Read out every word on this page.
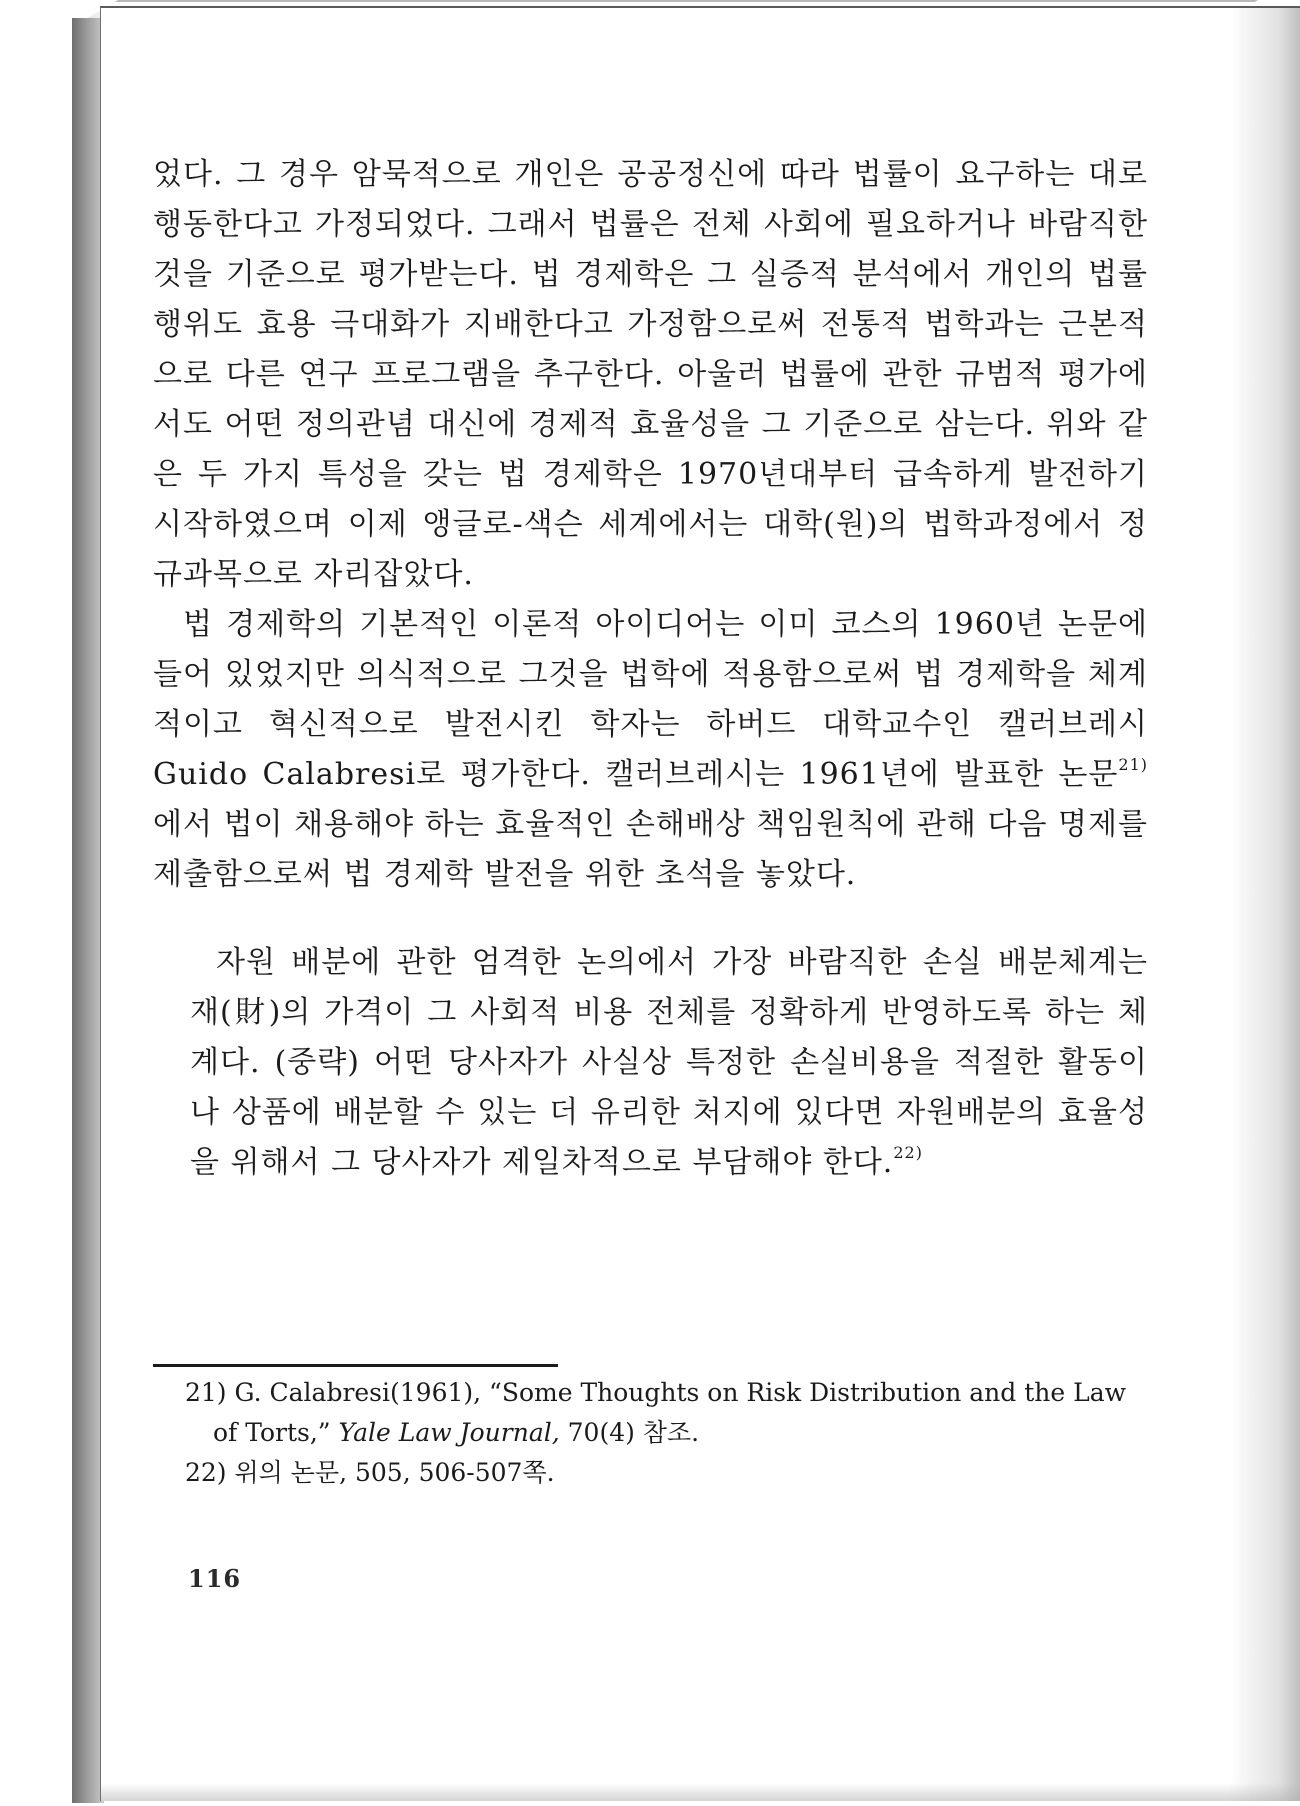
었다. 그 경우 암묵적으로 개인은 공공정신에 따라 법률이 요구하는 대로 행동한다고 가정되었다. 그래서 법률은 전체 사회에 필요하거나 바람직한 것을 기준으로 평가받는다. 법 경제학은 그 실증적 분석에서 개인의 법률행위도 효용 극대화가 지배한다고 가정함으로써 전통적 법학과는 근본적으로 다른 연구 프로그램을 추구한다. 아울러 법률에 관한 규범적 평가에서도 어떤 정의관념 대신에 경제적 효율성을 그 기준으로 삼는다. 위와 같은 두 가지 특성을 갖는 법 경제학은 1970년대부터 급속하게 발전하기 시작하였으며 이제 앵글로-색슨 세계에서는 대학(원)의 법학과정에서 정규과목으로 자리잡았다.

법 경제학의 기본적인 이론적 아이디어는 이미 코스의 1960년 논문에 들어 있었지만 의식적으로 그것을 법학에 적용함으로써 법 경제학을 체계적이고 혁신적으로 발전시킨 학자는 하버드 대학교수인 캘러브레시 Guido Calabresi로 평가한다. 캘러브레시는 1961년에 발표한 논문$^{21)}$에서 법이 채용해야 하는 효율적인 손해배상 책임원칙에 관해 다음 명제를 제출함으로써 법 경제학 발전을 위한 초석을 놓았다.

자원 배분에 관한 엄격한 논의에서 가장 바람직한 손실 배분체계는 재(財)의 가격이 그 사회적 비용 전체를 정확하게 반영하도록 하는 체계다. (중략) 어떤 당사자가 사실상 특정한 손실비용을 적절한 활동이나 상품에 배분할 수 있는 더 유리한 처지에 있다면 자원배분의 효율성을 위해서 그 당사자가 제일차적으로 부담해야 한다.$^{22)}$

21) G. Calabresi(1961), “Some Thoughts on Risk Distribution and the Law of Torts,” Yale Law Journal, 70(4) 참조.

22) 위의 논문, 505, 506-507쪽.

116
